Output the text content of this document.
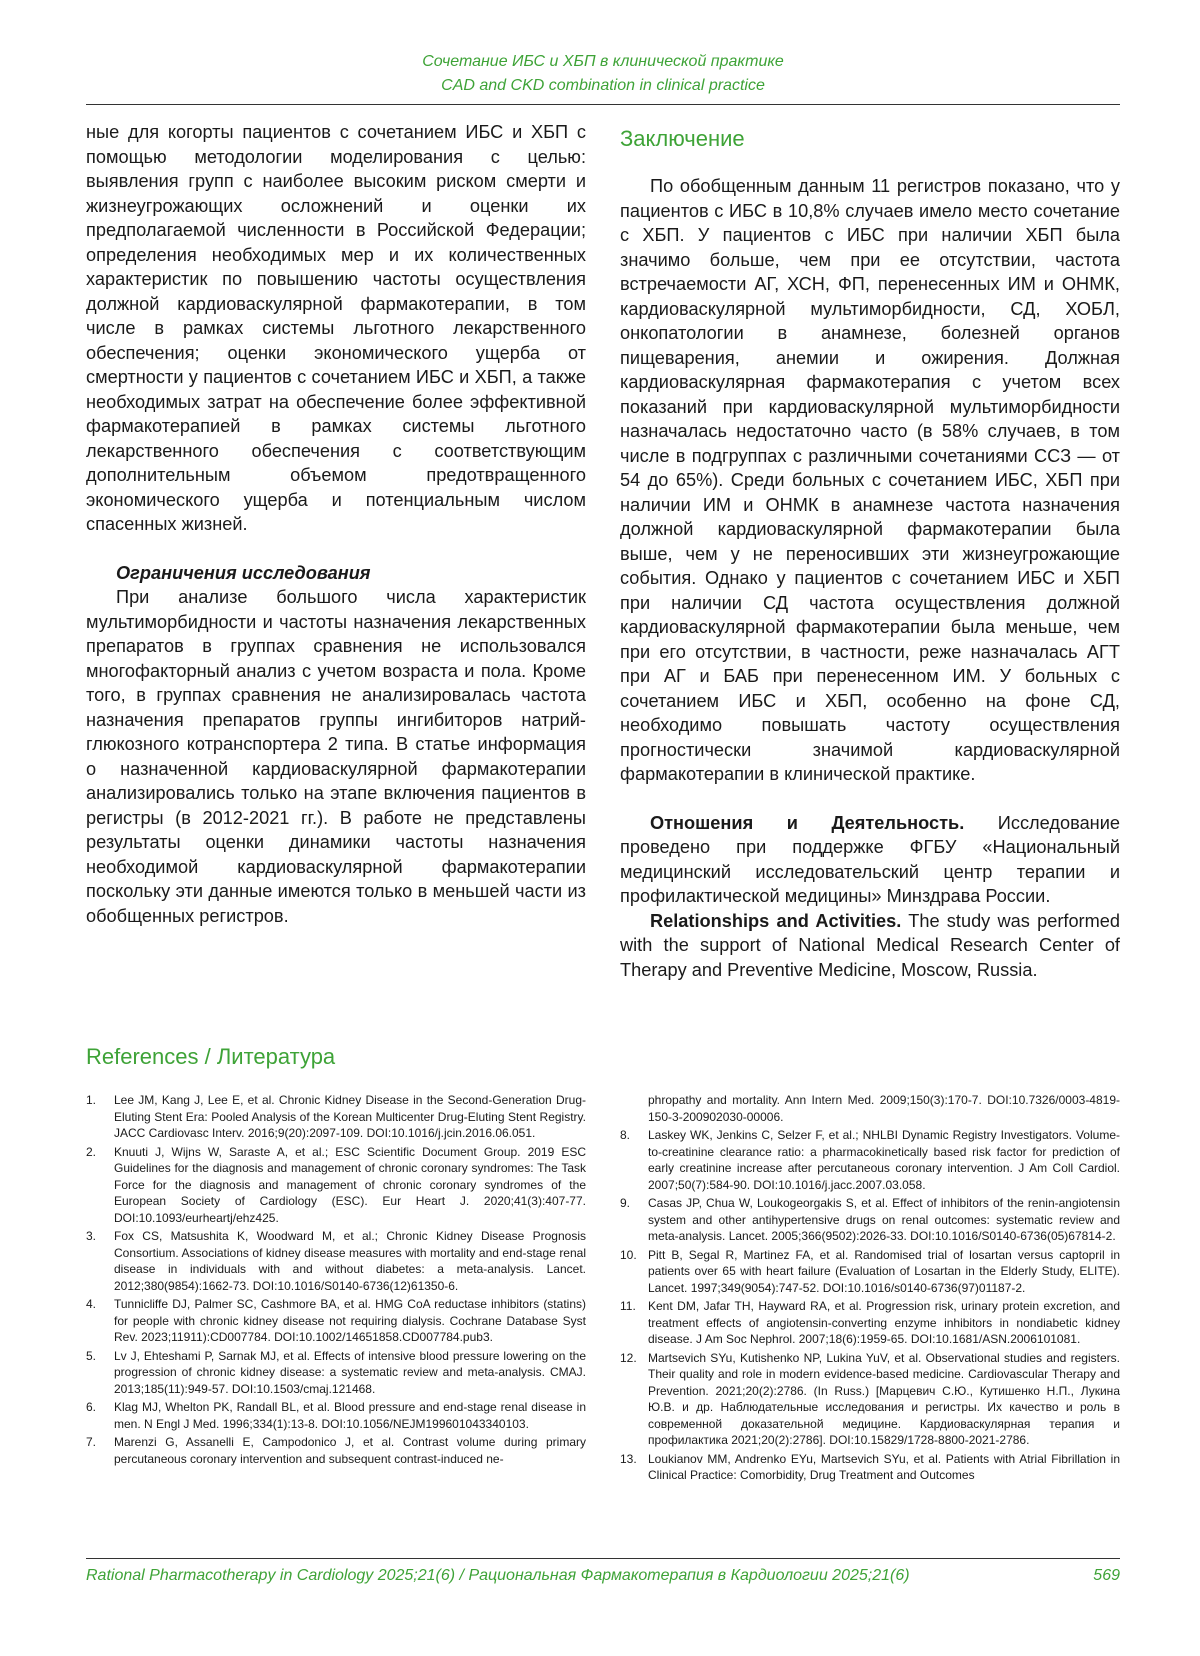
Сочетание ИБС и ХБП в клинической практике
CAD and CKD combination in clinical practice

ные для когорты пациентов с сочетанием ИБС и ХБП с помощью методологии моделирования с целью: выявления групп с наиболее высоким риском смерти и жизнеугрожающих осложнений и оценки их предполагаемой численности в Российской Федерации; определения необходимых мер и их количественных характеристик по повышению частоты осуществления должной кардиоваскулярной фармакотерапии, в том числе в рамках системы льготного лекарственного обеспечения; оценки экономического ущерба от смертности у пациентов с сочетанием ИБС и ХБП, а также необходимых затрат на обеспечение более эффективной фармакотерапией в рамках системы льготного лекарственного обеспечения с соответствующим дополнительным объемом предотвращенного экономического ущерба и потенциальным числом спасенных жизней.

Ограничения исследования

При анализе большого числа характеристик мультиморбидности и частоты назначения лекарственных препаратов в группах сравнения не использовался многофакторный анализ с учетом возраста и пола. Кроме того, в группах сравнения не анализировалась частота назначения препаратов группы ингибиторов натрий-глюкозного котранспортера 2 типа. В статье информация о назначенной кардиоваскулярной фармакотерапии анализировались только на этапе включения пациентов в регистры (в 2012-2021 гг.). В работе не представлены результаты оценки динамики частоты назначения необходимой кардиоваскулярной фармакотерапии поскольку эти данные имеются только в меньшей части из обобщенных регистров.

Заключение

По обобщенным данным 11 регистров показано, что у пациентов с ИБС в 10,8% случаев имело место сочетание с ХБП. У пациентов с ИБС при наличии ХБП была значимо больше, чем при ее отсутствии, частота встречаемости АГ, ХСН, ФП, перенесенных ИМ и ОНМК, кардиоваскулярной мультиморбидности, СД, ХОБЛ, онкопатологии в анамнезе, болезней органов пищеварения, анемии и ожирения. Должная кардиоваскулярная фармакотерапия с учетом всех показаний при кардиоваскулярной мультиморбидности назначалась недостаточно часто (в 58% случаев, в том числе в подгруппах с различными сочетаниями ССЗ — от 54 до 65%). Среди больных с сочетанием ИБС, ХБП при наличии ИМ и ОНМК в анамнезе частота назначения должной кардиоваскулярной фармакотерапии была выше, чем у не переносивших эти жизнеугрожающие события. Однако у пациентов с сочетанием ИБС и ХБП при наличии СД частота осуществления должной кардиоваскулярной фармакотерапии была меньше, чем при его отсутствии, в частности, реже назначалась АГТ при АГ и БАБ при перенесенном ИМ. У больных с сочетанием ИБС и ХБП, особенно на фоне СД, необходимо повышать частоту осуществления прогностически значимой кардиоваскулярной фармакотерапии в клинической практике.

Отношения и Деятельность. Исследование проведено при поддержке ФГБУ «Национальный медицинский исследовательский центр терапии и профилактической медицины» Минздрава России.

Relationships and Activities. The study was performed with the support of National Medical Research Center of Therapy and Preventive Medicine, Moscow, Russia.

References / Литература
1.	Lee JM, Kang J, Lee E, et al. Chronic Kidney Disease in the Second-Generation Drug-Eluting Stent Era: Pooled Analysis of the Korean Multicenter Drug-Eluting Stent Registry. JACC Cardiovasc Interv. 2016;9(20):2097-109. DOI:10.1016/j.jcin.2016.06.051.
2.	Knuuti J, Wijns W, Saraste A, et al.; ESC Scientific Document Group. 2019 ESC Guidelines for the diagnosis and management of chronic coronary syndromes: The Task Force for the diagnosis and management of chronic coronary syndromes of the European Society of Cardiology (ESC). Eur Heart J. 2020;41(3):407-77. DOI:10.1093/eurheartj/ehz425.
3.	Fox CS, Matsushita K, Woodward M, et al.; Chronic Kidney Disease Prognosis Consortium. Associations of kidney disease measures with mortality and end-stage renal disease in individuals with and without diabetes: a meta-analysis. Lancet. 2012;380(9854):1662-73. DOI:10.1016/S0140-6736(12)61350-6.
4.	Tunnicliffe DJ, Palmer SC, Cashmore BA, et al. HMG CoA reductase inhibitors (statins) for people with chronic kidney disease not requiring dialysis. Cochrane Database Syst Rev. 2023;11911):CD007784. DOI:10.1002/14651858.CD007784.pub3.
5.	Lv J, Ehteshami P, Sarnak MJ, et al. Effects of intensive blood pressure lowering on the progression of chronic kidney disease: a systematic review and meta-analysis. CMAJ. 2013;185(11):949-57. DOI:10.1503/cmaj.121468.
6.	Klag MJ, Whelton PK, Randall BL, et al. Blood pressure and end-stage renal disease in men. N Engl J Med. 1996;334(1):13-8. DOI:10.1056/NEJM199601043340103.
7.	Marenzi G, Assanelli E, Campodonico J, et al. Contrast volume during primary percutaneous coronary intervention and subsequent contrast-induced ne-
phropathy and mortality. Ann Intern Med. 2009;150(3):170-7. DOI:10.7326/0003-4819-150-3-200902030-00006.
8.	Laskey WK, Jenkins C, Selzer F, et al.; NHLBI Dynamic Registry Investigators. Volume-to-creatinine clearance ratio: a pharmacokinetically based risk factor for prediction of early creatinine increase after percutaneous coronary intervention. J Am Coll Cardiol. 2007;50(7):584-90. DOI:10.1016/j.jacc.2007.03.058.
9.	Casas JP, Chua W, Loukogeorgakis S, et al. Effect of inhibitors of the renin-angiotensin system and other antihypertensive drugs on renal outcomes: systematic review and meta-analysis. Lancet. 2005;366(9502):2026-33. DOI:10.1016/S0140-6736(05)67814-2.
10. Pitt B, Segal R, Martinez FA, et al. Randomised trial of losartan versus captopril in patients over 65 with heart failure (Evaluation of Losartan in the Elderly Study, ELITE). Lancet. 1997;349(9054):747-52. DOI:10.1016/s0140-6736(97)01187-2.
11.	Kent DM, Jafar TH, Hayward RA, et al. Progression risk, urinary protein excretion, and treatment effects of angiotensin-converting enzyme inhibitors in nondiabetic kidney disease. J Am Soc Nephrol. 2007;18(6):1959-65. DOI:10.1681/ASN.2006101081.
12. Martsevich SYu, Kutishenko NP, Lukina YuV, et al. Observational studies and registers. Their quality and role in modern evidence-based medicine. Cardiovascular Therapy and Prevention. 2021;20(2):2786. (In Russ.) [Марцевич С.Ю., Кутишенко Н.П., Лукина Ю.В. и др. Наблюдательные исследования и регистры. Их качество и роль в современной доказательной медицине. Кардиоваскулярная терапия и профилактика 2021;20(2):2786]. DOI:10.15829/1728-8800-2021-2786.
13. Loukianov MM, Andrenko EYu, Martsevich SYu, et al. Patients with Atrial Fibrillation in Clinical Practice: Comorbidity, Drug Treatment and Outcomes
Rational Pharmacotherapy in Cardiology 2025;21(6) / Рациональная Фармакотерапия в Кардиологии 2025;21(6)	569
